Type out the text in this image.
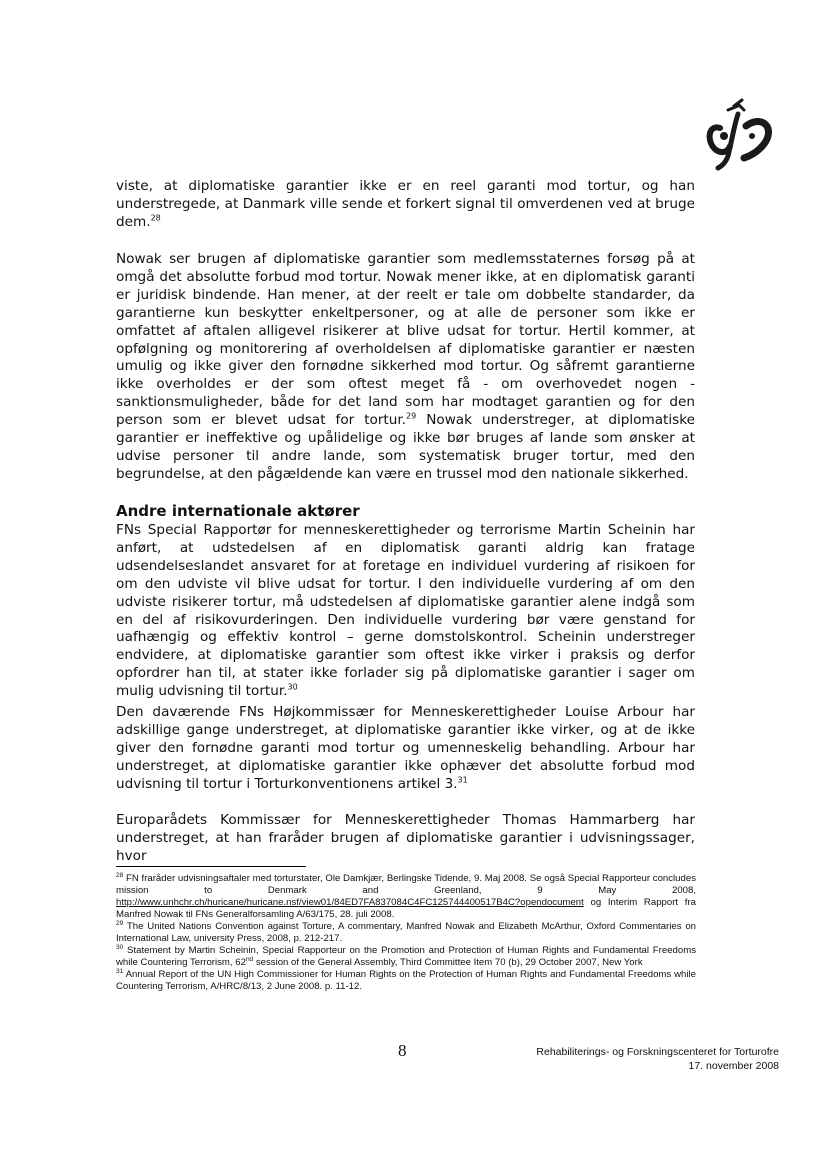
viste, at diplomatiske garantier ikke er en reel garanti mod tortur, og han understregede, at Danmark ville sende et forkert signal til omverdenen ved at bruge dem.$^{28}$

Nowak ser brugen af diplomatiske garantier som medlemsstaternes forsøg på at omgå det absolutte forbud mod tortur. Nowak mener ikke, at en diplomatisk garanti er juridisk bindende. Han mener, at der reelt er tale om dobbelte standarder, da garantierne kun beskytter enkeltpersoner, og at alle de personer som ikke er omfattet af aftalen alligevel risikerer at blive udsat for tortur. Hertil kommer, at opfølgning og monitorering af overholdelsen af diplomatiske garantier er næsten umulig og ikke giver den fornødne sikkerhed mod tortur. Og såfremt garantierne ikke overholdes er der som oftest meget få - om overhovedet nogen - sanktionsmuligheder, både for det land som har modtaget garantien og for den person som er blevet udsat for tortur.$^{29}$ Nowak understreger, at diplomatiske garantier er ineffektive og upålidelige og ikke bør bruges af lande som ønsker at udvise personer til andre lande, som systematisk bruger tortur, med den begrundelse, at den pågældende kan være en trussel mod den nationale sikkerhed.

Andre internationale aktører

FNs Special Rapportør for menneskerettigheder og terrorisme Martin Scheinin har anført, at udstedelsen af en diplomatisk garanti aldrig kan fratage udsendelseslandet ansvaret for at foretage en individuel vurdering af risikoen for om den udviste vil blive udsat for tortur. I den individuelle vurdering af om den udviste risikerer tortur, må udstedelsen af diplomatiske garantier alene indgå som en del af risikovurderingen. Den individuelle vurdering bør være genstand for uafhængig og effektiv kontrol – gerne domstolskontrol. Scheinin understreger endvidere, at diplomatiske garantier som oftest ikke virker i praksis og derfor opfordrer han til, at stater ikke forlader sig på diplomatiske garantier i sager om mulig udvisning til tortur.$^{30}$

Den daværende FNs Højkommissær for Menneskerettigheder Louise Arbour har adskillige gange understreget, at diplomatiske garantier ikke virker, og at de ikke giver den fornødne garanti mod tortur og umenneskelig behandling. Arbour har understreget, at diplomatiske garantier ikke ophæver det absolutte forbud mod udvisning til tortur i Torturkonventionens artikel 3.31

Europarådets Kommissær for Menneskerettigheder Thomas Hammarberg har understreget, at han fraråder brugen af diplomatiske garantier i udvisningssager, hvor

$^{28}$ FN fraråder udvisningsaftaler med torturstater, Ole Damkjær, Berlingske Tidende, 9. Maj 2008. Se også Special Rapporteur concludes mission to Denmark and Greenland, 9 May 2008, http://www.unhchr.ch/huricane/huricane.nsf/view01/84ED7FA837084C4FC125744400517B4C?opendocument og Interim Rapport fra Manfred Nowak til FNs Generalforsamling A/63/175, 28. juli 2008.

$^{29}$ The United Nations Convention against Torture, A commentary, Manfred Nowak and Elizabeth McArthur, Oxford Commentaries on International Law, university Press, 2008, p. 212-217.

$^{30}$ Statement by Martin Scheinin, Special Rapporteur on the Promotion and Protection of Human Rights and Fundamental Freedoms while Countering Terrorism, 62nd session of the General Assembly, Third Committee Item 70 (b), 29 October 2007, New York

$^{31}$ Annual Report of the UN High Commissioner for Human Rights on the Protection of Human Rights and Fundamental Freedoms while Countering Terrorism, A/HRC/8/13, 2 June 2008. p. 11-12.

8	Rehabiliterings- og Forskningscenteret for Torturofre
17. november 2008
